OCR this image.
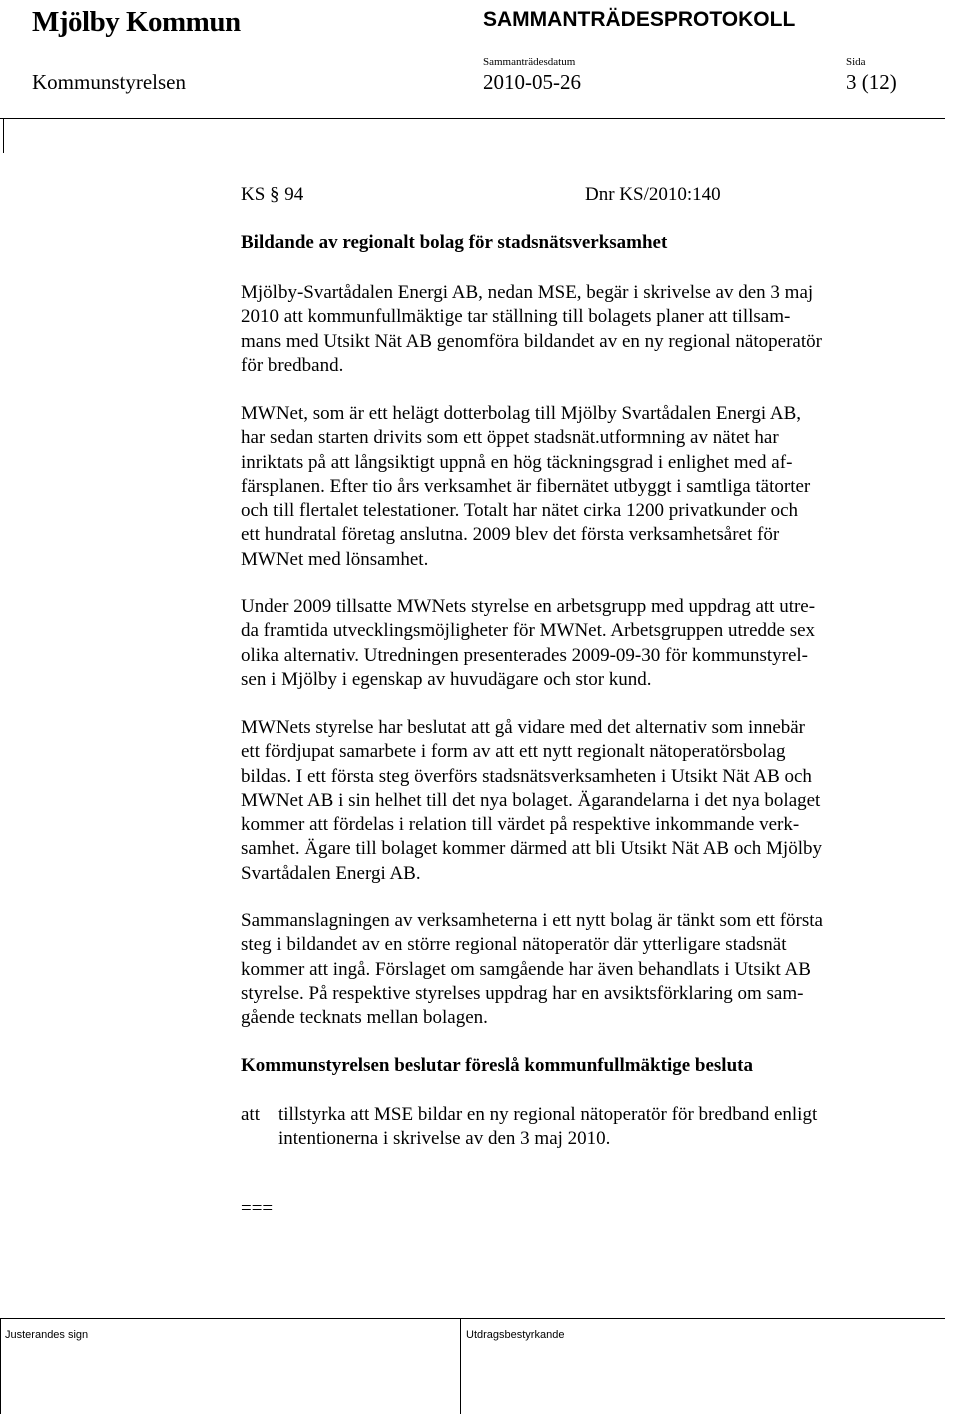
Mjölby Kommun	SAMMANTRÄDESPROTOKOLL
Sammanträdesdatum	Sida
Kommunstyrelsen	2010-05-26	3 (12)
KS § 94	Dnr KS/2010:140
Bildande av regionalt bolag för stadsnätsverksamhet
Mjölby-Svartådalen Energi AB, nedan MSE, begär i skrivelse av den 3 maj
2010 att kommunfullmäktige tar ställning till bolagets planer att tillsam-
mans med Utsikt Nät AB genomföra bildandet av en ny regional nätoperatör
för bredband.
MWNet, som är ett helägt dotterbolag till Mjölby Svartådalen Energi AB,
har sedan starten drivits som ett öppet stadsnät.utformning av nätet har
inriktats på att långsiktigt uppnå en hög täckningsgrad i enlighet med af-
färsplanen. Efter tio års verksamhet är fibernätet utbyggt i samtliga tätorter
och till flertalet telestationer. Totalt har nätet cirka 1200 privatkunder och
ett hundratal företag anslutna. 2009 blev det första verksamhetsåret för
MWNet med lönsamhet.
Under 2009 tillsatte MWNets styrelse en arbetsgrupp med uppdrag att utre-
da framtida utvecklingsmöjligheter för MWNet. Arbetsgruppen utredde sex
olika alternativ. Utredningen presenterades 2009-09-30 för kommunstyrel-
sen i Mjölby i egenskap av huvudägare och stor kund.
MWNets styrelse har beslutat att gå vidare med det alternativ som innebär
ett fördjupat samarbete i form av att ett nytt regionalt nätoperatörsbolag
bildas. I ett första steg överförs stadsnätsverksamheten i Utsikt Nät AB och
MWNet AB i sin helhet till det nya bolaget. Ägarandelarna i det nya bolaget
kommer att fördelas i relation till värdet på respektive inkommande verk-
samhet. Ägare till bolaget kommer därmed att bli Utsikt Nät AB och Mjölby
Svartådalen Energi AB.
Sammanslagningen av verksamheterna i ett nytt bolag är tänkt som ett första
steg i bildandet av en större regional nätoperatör där ytterligare stadsnät
kommer att ingå. Förslaget om samgående har även behandlats i Utsikt AB
styrelse. På respektive styrelses uppdrag har en avsiktsförklaring om sam-
gående tecknats mellan bolagen.
Kommunstyrelsen beslutar föreslå kommunfullmäktige besluta
att tillstyrka att MSE bildar en ny regional nätoperatör för bredband enligt
intentionerna i skrivelse av den 3 maj 2010.
===
Justerandes sign	Utdragsbestyrkande
